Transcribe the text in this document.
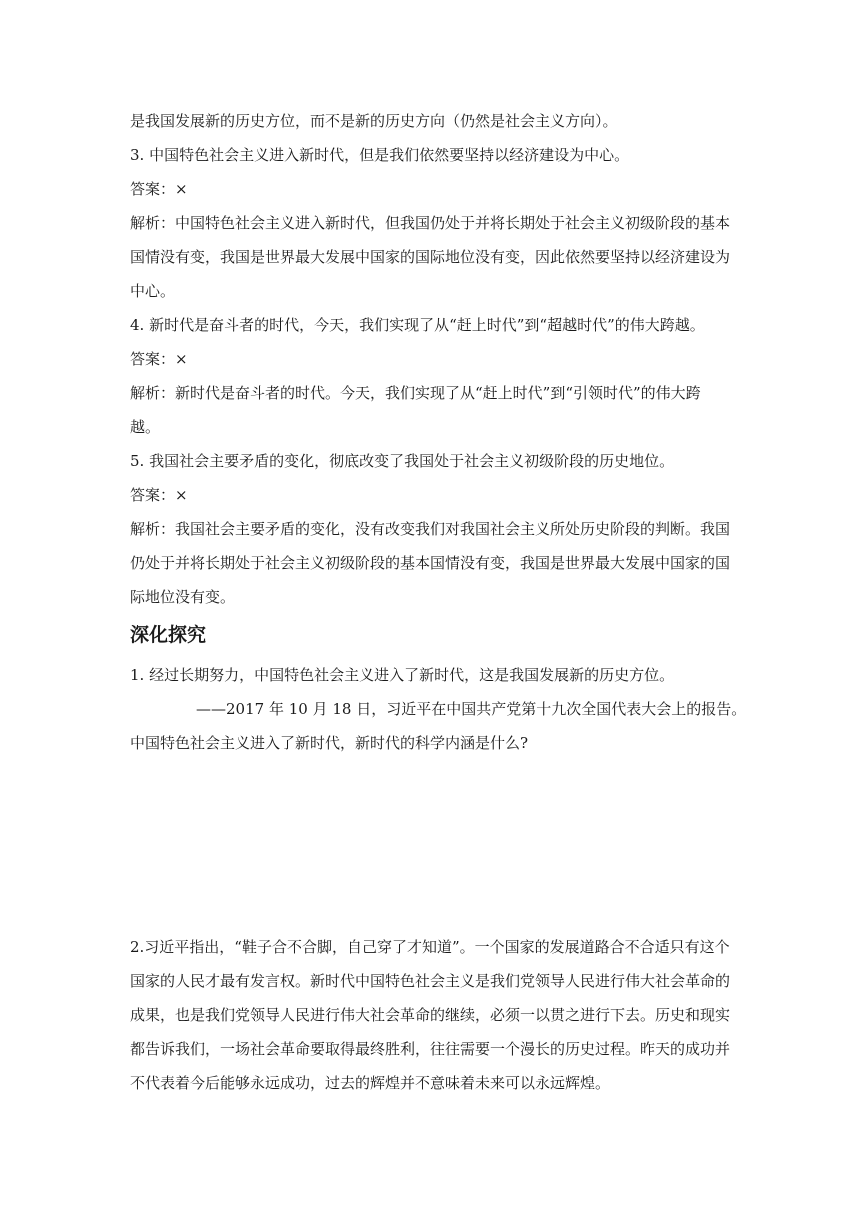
是我国发展新的历史方位，而不是新的历史方向（仍然是社会主义方向）。
3. 中国特色社会主义进入新时代，但是我们依然要坚持以经济建设为中心。
答案：×
解析：中国特色社会主义进入新时代，但我国仍处于并将长期处于社会主义初级阶段的基本
国情没有变，我国是世界最大发展中国家的国际地位没有变，因此依然要坚持以经济建设为
中心。
4. 新时代是奋斗者的时代，今天，我们实现了从“赶上时代”到“超越时代”的伟大跨越。
答案：×
解析：新时代是奋斗者的时代。今天，我们实现了从“赶上时代”到“引领时代”的伟大跨
越。
5. 我国社会主要矛盾的变化，彻底改变了我国处于社会主义初级阶段的历史地位。
答案：×
解析：我国社会主要矛盾的变化，没有改变我们对我国社会主义所处历史阶段的判断。我国
仍处于并将长期处于社会主义初级阶段的基本国情没有变，我国是世界最大发展中国家的国
际地位没有变。
深化探究
1. 经过长期努力，中国特色社会主义进入了新时代，这是我国发展新的历史方位。
——2017 年 10 月 18 日，习近平在中国共产党第十九次全国代表大会上的报告。
中国特色社会主义进入了新时代，新时代的科学内涵是什么?
2.习近平指出，“鞋子合不合脚，自己穿了才知道”。一个国家的发展道路合不合适只有这个
国家的人民才最有发言权。新时代中国特色社会主义是我们党领导人民进行伟大社会革命的
成果，也是我们党领导人民进行伟大社会革命的继续，必须一以贯之进行下去。历史和现实
都告诉我们，一场社会革命要取得最终胜利，往往需要一个漫长的历史过程。昨天的成功并
不代表着今后能够永远成功，过去的辉煌并不意味着未来可以永远辉煌。
